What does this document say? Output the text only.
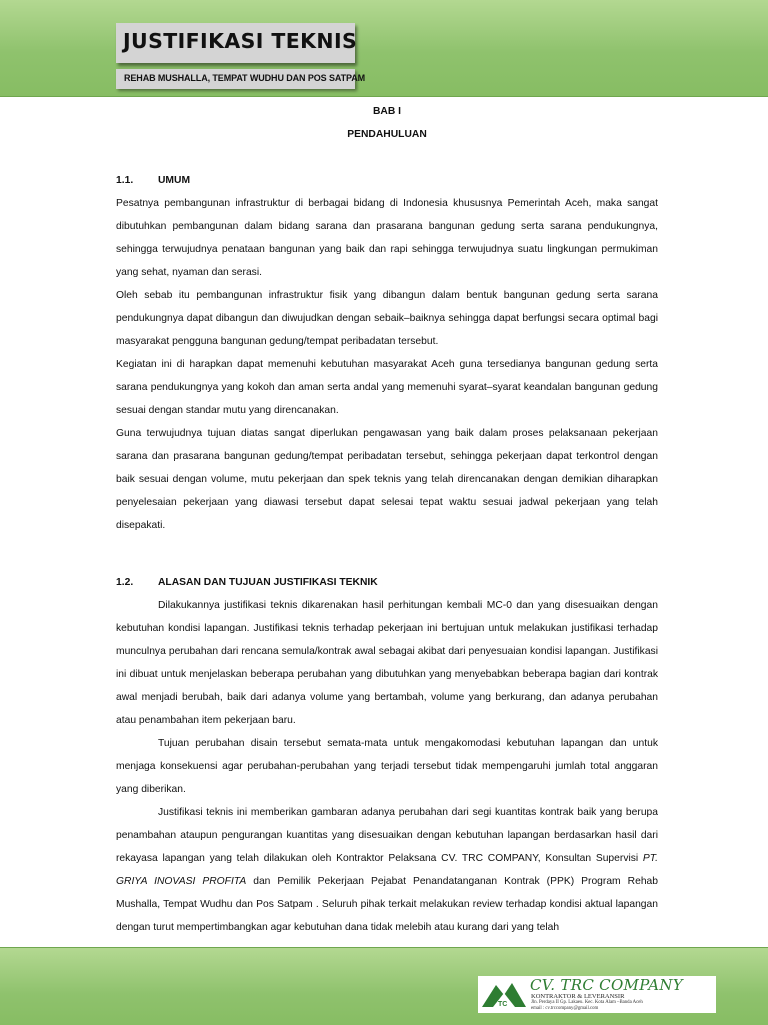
JUSTIFIKASI TEKNIS
REHAB MUSHALLA, TEMPAT WUDHU DAN POS SATPAM
BAB I
PENDAHULUAN
1.1.	UMUM

Pesatnya pembangunan infrastruktur di berbagai bidang di Indonesia khususnya Pemerintah Aceh, maka sangat dibutuhkan pembangunan dalam bidang sarana dan prasarana bangunan gedung serta sarana pendukungnya, sehingga terwujudnya penataan bangunan yang baik dan rapi sehingga terwujudnya suatu lingkungan permukiman yang sehat, nyaman dan serasi.

Oleh sebab itu pembangunan infrastruktur fisik yang dibangun dalam bentuk bangunan gedung serta sarana pendukungnya dapat dibangun dan diwujudkan dengan sebaik–baiknya sehingga dapat berfungsi secara optimal bagi masyarakat pengguna bangunan gedung/tempat peribadatan tersebut.

Kegiatan ini di harapkan dapat memenuhi kebutuhan masyarakat Aceh guna tersedianya bangunan gedung serta sarana pendukungnya yang kokoh dan aman serta andal yang memenuhi syarat–syarat keandalan bangunan gedung sesuai dengan standar mutu yang direncanakan.

Guna terwujudnya tujuan diatas sangat diperlukan pengawasan yang baik dalam proses pelaksanaan pekerjaan sarana dan prasarana bangunan gedung/tempat peribadatan tersebut, sehingga pekerjaan dapat terkontrol dengan baik sesuai dengan volume, mutu pekerjaan dan spek teknis yang telah direncanakan dengan demikian diharapkan penyelesaian pekerjaan yang diawasi tersebut dapat selesai tepat waktu sesuai jadwal pekerjaan yang telah disepakati.

1.2.	ALASAN DAN TUJUAN JUSTIFIKASI TEKNIK

Dilakukannya justifikasi teknis dikarenakan hasil perhitungan kembali MC-0 dan yang disesuaikan dengan kebutuhan kondisi lapangan. Justifikasi teknis terhadap pekerjaan ini bertujuan untuk melakukan justifikasi terhadap munculnya perubahan dari rencana semula/kontrak awal sebagai akibat dari penyesuaian kondisi lapangan. Justifikasi ini dibuat untuk menjelaskan beberapa perubahan yang dibutuhkan yang menyebabkan beberapa bagian dari kontrak awal menjadi berubah, baik dari adanya volume yang bertambah, volume yang berkurang, dan adanya perubahan atau penambahan item pekerjaan baru.

Tujuan perubahan disain tersebut semata-mata untuk mengakomodasi kebutuhan lapangan dan untuk menjaga konsekuensi agar perubahan-perubahan yang terjadi tersebut tidak mempengaruhi jumlah total anggaran yang diberikan.

Justifikasi teknis ini memberikan gambaran adanya perubahan dari segi kuantitas kontrak baik yang berupa penambahan ataupun pengurangan kuantitas yang disesuaikan dengan kebutuhan lapangan berdasarkan hasil dari rekayasa lapangan yang telah dilakukan oleh Kontraktor Pelaksana CV. TRC COMPANY, Konsultan Supervisi PT. GRIYA INOVASI PROFITA dan Pemilik Pekerjaan Pejabat Penandatanganan Kontrak (PPK) Program Rehab Mushalla, Tempat Wudhu dan Pos Satpam . Seluruh pihak terkait melakukan review terhadap kondisi aktual lapangan dengan turut mempertimbangkan agar kebutuhan dana tidak melebih atau kurang dari yang telah

TC
CV. TRC COMPANY
KONTRAKTOR & LEVERANSIR
Jln. Perdaya II Gp. Lakaeu. Kec. Kota Alam –Banda Aceh
email : cv.trccompany@gmail.com
